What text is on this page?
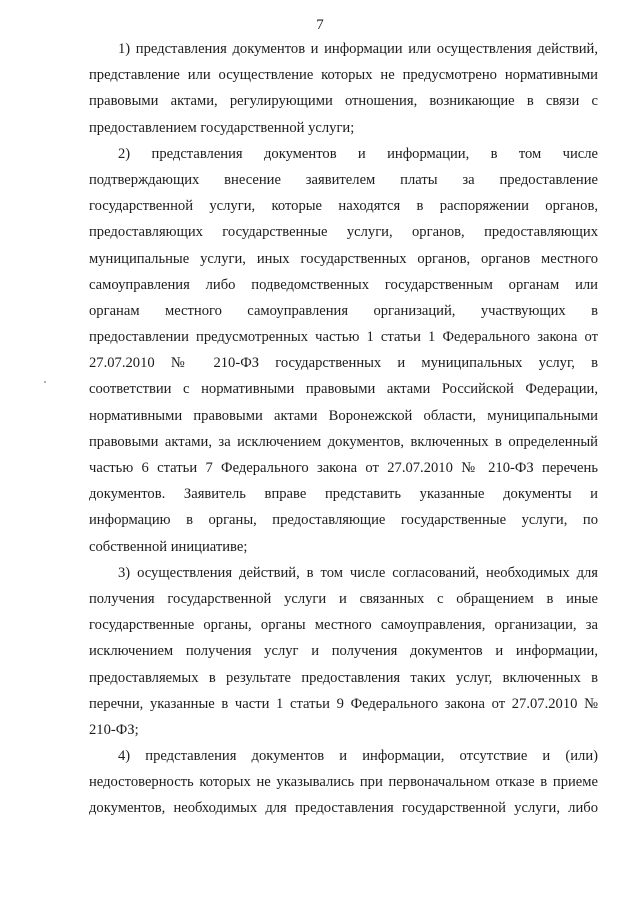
7
1) представления документов и информации или осуществления действий,
представление или осуществление которых не предусмотрено нормативными
правовыми актами, регулирующими отношения, возникающие в связи с
предоставлением государственной услуги;
2) представления документов и информации, в том числе
подтверждающих внесение заявителем платы за предоставление
государственной услуги, которые находятся в распоряжении органов,
предоставляющих государственные услуги, органов, предоставляющих
муниципальные услуги, иных государственных органов, органов местного
самоуправления либо подведомственных государственным органам или
органам местного самоуправления организаций, участвующих в
предоставлении предусмотренных частью 1 статьи 1 Федерального закона от
27.07.2010 № 210-ФЗ государственных и муниципальных услуг, в
соответствии с нормативными правовыми актами Российской Федерации,
нормативными правовыми актами Воронежской области, муниципальными
правовыми актами, за исключением документов, включенных в определенный
частью 6 статьи 7 Федерального закона от 27.07.2010 № 210-ФЗ перечень
документов. Заявитель вправе представить указанные документы и
информацию в органы, предоставляющие государственные услуги, по
собственной инициативе;
3) осуществления действий, в том числе согласований, необходимых для
получения государственной услуги и связанных с обращением в иные
государственные органы, органы местного самоуправления, организации, за
исключением получения услуг и получения документов и информации,
предоставляемых в результате предоставления таких услуг, включенных в
перечни, указанные в части 1 статьи 9 Федерального закона от 27.07.2010 №
210-ФЗ;
4) представления документов и информации, отсутствие и (или)
недостоверность которых не указывались при первоначальном отказе в приеме
документов, необходимых для предоставления государственной услуги, либо
